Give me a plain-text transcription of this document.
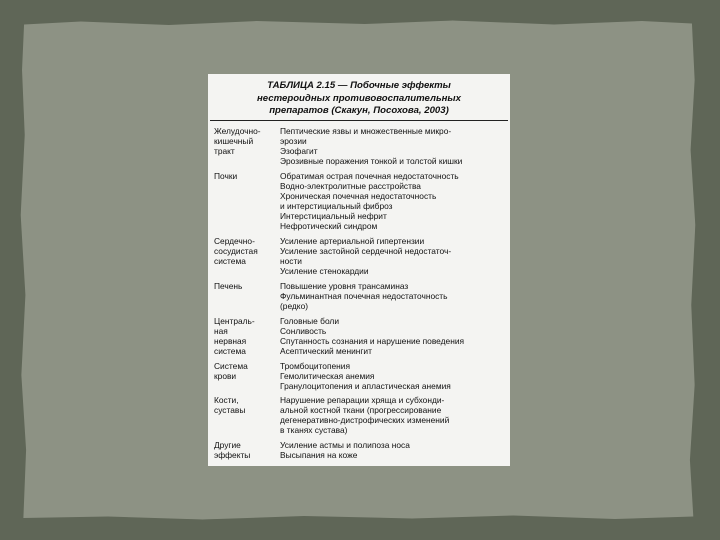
ТАБЛИЦА 2.15 — Побочные эффекты
нестероидных противовоспалительных
препаратов (Скакун, Посохова, 2003)
Желудочно-
кишечный
тракт
Пептические язвы и множественные микро-
эрозии
Эзофагит
Эрозивные поражения тонкой и толстой кишки
Почки	Обратимая острая почечная недостаточность
Водно-электролитные расстройства
Хроническая почечная недостаточность
и интерстициальный фиброз
Интерстициальный нефрит
Нефротический синдром
Сердечно-
сосудистая
система
Усиление артериальной гипертензии
Усиление застойной сердечной недостаточ-
ности
Усиление стенокардии
Печень	Повышение уровня трансаминаз
Фульминантная почечная недостаточность
(редко)
Централь-
ная
нервная
система
Головные боли
Сонливость
Спутанность сознания и нарушение поведения
Асептический менингит
Система
крови
Тромбоцитопения
Гемолитическая анемия
Гранулоцитопения и апластическая анемия
Кости,
суставы
Нарушение репарации хряща и субхонди-
альной костной ткани (прогрессирование
дегенеративно-дистрофических изменений
в тканях сустава)
Другие
эффекты
Усиление астмы и полипоза носа
Высыпания на коже
